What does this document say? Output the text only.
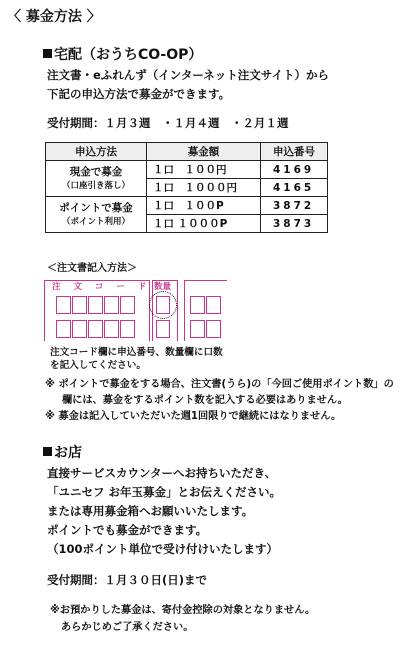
〈 募金方法 〉
宅配（おうちCO-OP）
注文書・eふれんず（インターネット注文サイト）から
下記の申込方法で募金ができます。
受付期間：１月３週　・１月４週　・２月１週
申込方法	募金額	申込番号

現金で募金
（口座引き落し）	１口　１００円	4169
	１口　１０００円	4165

ポイントで募金
（ポイント利用）	１口　１００P	3872
	１口 １０００P	3873
＜注文書記入方法＞
注 文 コ ー ド 数量
注文コード欄に申込番号、数量欄に口数
を記入してください。
※ ポイントで募金をする場合、注文書(うら)の「今回ご使用ポイント数」の
欄には、募金をするポイント数を記入する必要はありません。
※ 募金は記入していただいた週1回限りで継続にはなりません。
お店
直接サービスカウンターへお持ちいただき、
「ユニセフ お年玉募金」とお伝えください。
または専用募金箱へお願いいたします。
ポイントでも募金ができます。
（100ポイント単位で受け付けいたします）
受付期間：１月３０日(日)まで
※お預かりした募金は、寄付金控除の対象となりません。
あらかじめご了承ください。
